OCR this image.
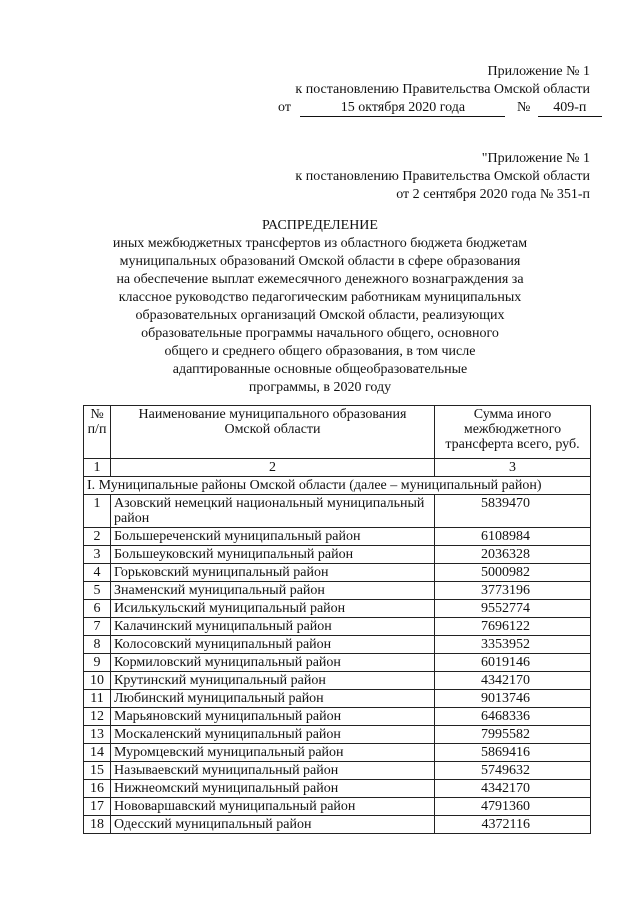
Приложение № 1
к постановлению Правительства Омской области
от	15 октября 2020 года	№ 409-п
"Приложение № 1
к постановлению Правительства Омской области
от 2 сентября 2020 года № 351-п
РАСПРЕДЕЛЕНИЕ
иных межбюджетных трансфертов из областного бюджета бюджетам
муниципальных образований Омской области в сфере образования
на обеспечение выплат ежемесячного денежного вознаграждения за
классное руководство педагогическим работникам муниципальных
образовательных организаций Омской области, реализующих
образовательные программы начального общего, основного
общего и среднего общего образования, в том числе
адаптированные основные общеобразовательные
программы, в 2020 году
№ п/п	Наименование муниципального образования Омской области	Сумма иного межбюджетного трансферта всего, руб.
1	2	3
I. Муниципальные районы Омской области (далее – муниципальный район)		
1	Азовский немецкий национальный муниципальный район	5839470
2	Большереченский муниципальный район	6108984
3	Большеуковский муниципальный район	2036328
4	Горьковский муниципальный район	5000982
5	Знаменский муниципальный район	3773196
6	Исилькульский муниципальный район	9552774
7	Калачинский муниципальный район	7696122
8	Колосовский муниципальный район	3353952
9	Кормиловский муниципальный район	6019146
10	Крутинский муниципальный район	4342170
11	Любинский муниципальный район	9013746
12	Марьяновский муниципальный район	6468336
13	Москаленский муниципальный район	7995582
14	Муромцевский муниципальный район	5869416
15	Называевский муниципальный район	5749632
16	Нижнеомский муниципальный район	4342170
17	Нововаршавский муниципальный район	4791360
18	Одесский муниципальный район	4372116
